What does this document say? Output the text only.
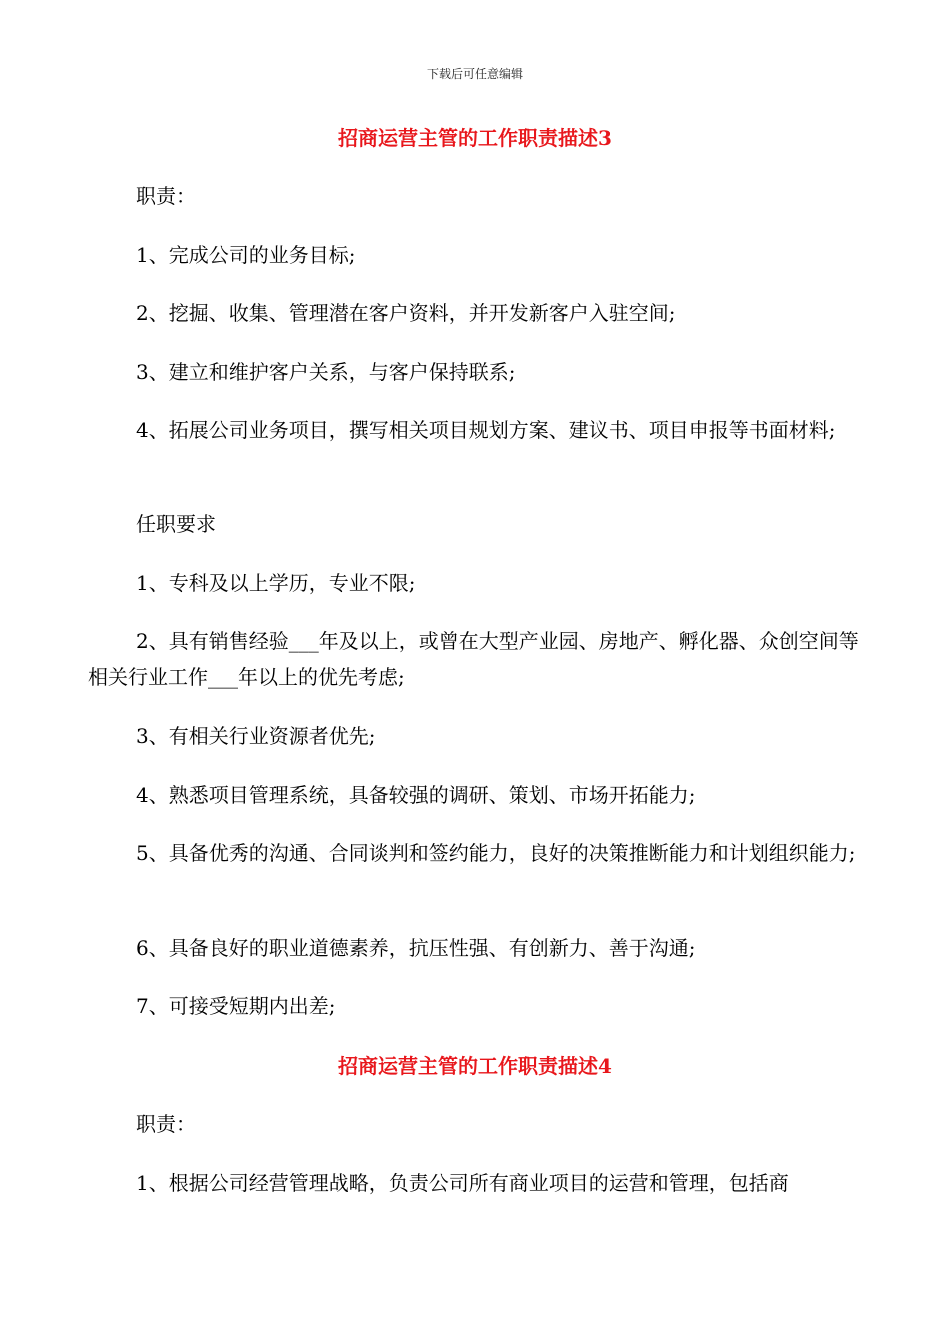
下载后可任意编辑
招商运营主管的工作职责描述3

职责：

1、完成公司的业务目标;

2、挖掘、收集、管理潜在客户资料，并开发新客户入驻空间;

3、建立和维护客户关系，与客户保持联系;

4、拓展公司业务项目，撰写相关项目规划方案、建议书、项目申报等书面材料;

任职要求

1、专科及以上学历，专业不限;

2、具有销售经验___年及以上，或曾在大型产业园、房地产、孵化器、众创空间等相关行业工作___年以上的优先考虑;

3、有相关行业资源者优先;

4、熟悉项目管理系统，具备较强的调研、策划、市场开拓能力;

5、具备优秀的沟通、合同谈判和签约能力，良好的决策推断能力和计划组织能力;

6、具备良好的职业道德素养，抗压性强、有创新力、善于沟通;

7、可接受短期内出差;

招商运营主管的工作职责描述4

职责：

1、根据公司经营管理战略，负责公司所有商业项目的运营和管理，包括商
